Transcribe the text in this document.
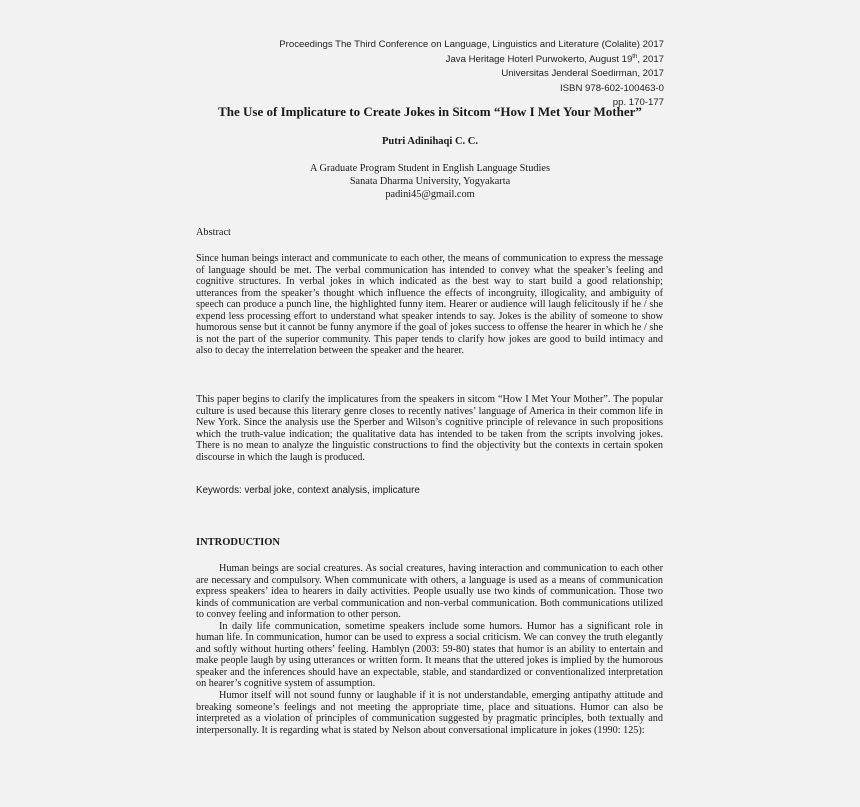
Proceedings The Third Conference on Language, Linguistics and Literature (Colalite) 2017
Java Heritage Hoterl Purwokerto, August 19th, 2017
Universitas Jenderal Soedirman, 2017
ISBN 978-602-100463-0
pp. 170-177
The Use of Implicature to Create Jokes in Sitcom “How I Met Your Mother”
Putri Adinihaqi C. C.
A Graduate Program Student in English Language Studies
Sanata Dharma University, Yogyakarta
padini45@gmail.com
Abstract
Since human beings interact and communicate to each other, the means of communication to express the message of language should be met. The verbal communication has intended to convey what the speaker’s feeling and cognitive structures. In verbal jokes in which indicated as the best way to start build a good relationship; utterances from the speaker’s thought which influence the effects of incongruity, illogicality, and ambiguity of speech can produce a punch line, the highlighted funny item. Hearer or audience will laugh felicitously if he / she expend less processing effort to understand what speaker intends to say. Jokes is the ability of someone to show humorous sense but it cannot be funny anymore if the goal of jokes success to offense the hearer in which he / she is not the part of the superior community. This paper tends to clarify how jokes are good to build intimacy and also to decay the interrelation between the speaker and the hearer.
This paper begins to clarify the implicatures from the speakers in sitcom “How I Met Your Mother”. The popular culture is used because this literary genre closes to recently natives’ language of America in their common life in New York. Since the analysis use the Sperber and Wilson’s cognitive principle of relevance in such propositions which the truth-value indication; the qualitative data has intended to be taken from the scripts involving jokes. There is no mean to analyze the linguistic constructions to find the objectivity but the contexts in certain spoken discourse in which the laugh is produced.
Keywords: verbal joke, context analysis, implicature
INTRODUCTION

Human beings are social creatures. As social creatures, having interaction and communication to each other are necessary and compulsory. When communicate with others, a language is used as a means of communication express speakers’ idea to hearers in daily activities. People usually use two kinds of communication. Those two kinds of communication are verbal communication and non-verbal communication. Both communications utilized to convey feeling and information to other person.

In daily life communication, sometime speakers include some humors. Humor has a significant role in human life. In communication, humor can be used to express a social criticism. We can convey the truth elegantly and softly without hurting others’ feeling. Hamblyn (2003: 59-80) states that humor is an ability to entertain and make people laugh by using utterances or written form. It means that the uttered jokes is implied by the humorous speaker and the inferences should have an expectable, stable, and standardized or conventionalized interpretation on hearer’s cognitive system of assumption.

Humor itself will not sound funny or laughable if it is not understandable, emerging antipathy attitude and breaking someone’s feelings and not meeting the appropriate time, place and situations. Humor can also be interpreted as a violation of principles of communication suggested by pragmatic principles, both textually and interpersonally. It is regarding what is stated by Nelson about conversational implicature in jokes (1990: 125):
